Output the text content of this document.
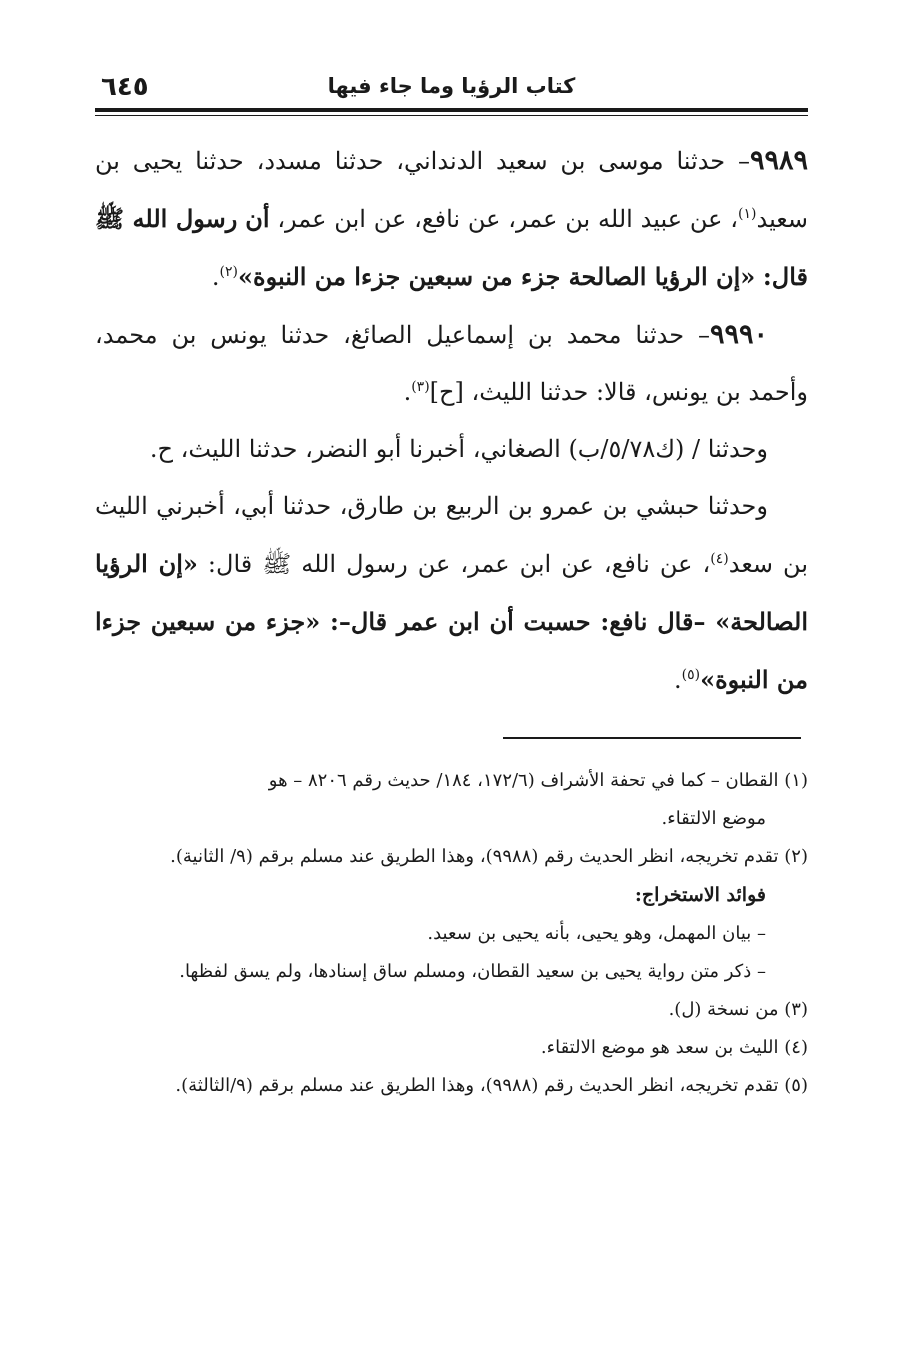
٦٤٥	كتاب الرؤيا وما جاء فيها

٩٩٨٩– حدثنا موسى بن سعيد الدنداني، حدثنا مسدد، حدثنا يحيى بن سعيد$^{(١)}$، عن عبيد الله بن عمر، عن نافع، عن ابن عمر، أن رسول الله ﷺ قال: «إن الرؤيا الصالحة جزء من سبعين جزءا من النبوة»$^{(٢)}$.

٩٩٩٠– حدثنا محمد بن إسماعيل الصائغ، حدثنا يونس بن محمد، وأحمد بن يونس، قالا: حدثنا الليث، [ح]$^{(٣)}$.

وحدثنا / (ك٥/٧٨/ب) الصغاني، أخبرنا أبو النضر، حدثنا الليث، ح.

وحدثنا حبشي بن عمرو بن الربيع بن طارق، حدثنا أبي، أخبرني الليث بن سعد$^{(٤)}$، عن نافع، عن ابن عمر، عن رسول الله ﷺ قال: «إن الرؤيا الصالحة» –قال نافع: حسبت أن ابن عمر قال–: «جزء من سبعين جزءا من النبوة»$^{(٥)}$.

(١) القطان – كما في تحفة الأشراف (١٧٢/٦، ١٨٤/ حديث رقم ٨٢٠٦ – هو
موضع الالتقاء.
(٢) تقدم تخريجه، انظر الحديث رقم (٩٩٨٨)، وهذا الطريق عند مسلم برقم (٩/ الثانية).
فوائد الاستخراج:
– بيان المهمل، وهو يحيى، بأنه يحيى بن سعيد.
– ذكر متن رواية يحيى بن سعيد القطان، ومسلم ساق إسنادها، ولم يسق لفظها.
(٣) من نسخة (ل).
(٤) الليث بن سعد هو موضع الالتقاء.
(٥) تقدم تخريجه، انظر الحديث رقم (٩٩٨٨)، وهذا الطريق عند مسلم برقم (٩/الثالثة).
